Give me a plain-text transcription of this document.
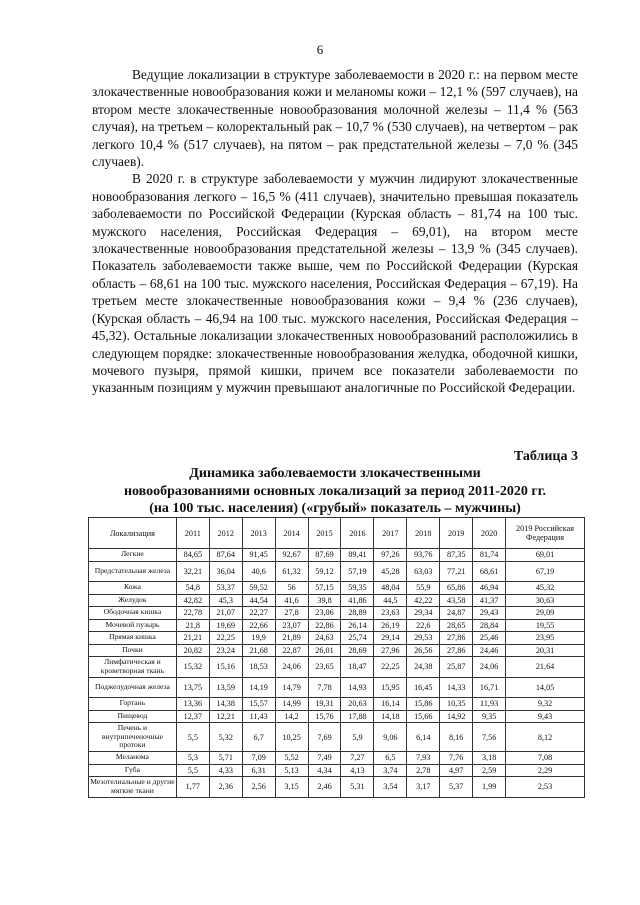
6

Ведущие локализации в структуре заболеваемости в 2020 г.: на первом месте злокачественные новообразования кожи и меланомы кожи – 12,1 % (597 случаев), на втором месте злокачественные новообразования молочной железы – 11,4 % (563 случая), на третьем – колоректальный рак – 10,7 % (530 случаев), на четвертом – рак легкого 10,4 % (517 случаев), на пятом – рак предстательной железы – 7,0 % (345 случаев).

В 2020 г. в структуре заболеваемости у мужчин лидируют злокачественные новообразования легкого – 16,5 % (411 случаев), значительно превышая показатель заболеваемости по Российской Федерации (Курская область – 81,74 на 100 тыс. мужского населения, Российская Федерация – 69,01), на втором месте злокачественные новообразования предстательной железы – 13,9 % (345 случаев). Показатель заболеваемости также выше, чем по Российской Федерации (Курская область – 68,61 на 100 тыс. мужского населения, Российская Федерация – 67,19). На третьем месте злокачественные новообразования кожи – 9,4 % (236 случаев), (Курская область – 46,94 на 100 тыс. мужского населения, Российская Федерация – 45,32). Остальные локализации злокачественных новообразований расположились в следующем порядке: злокачественные новообразования желудка, ободочной кишки, мочевого пузыря, прямой кишки, причем все показатели заболеваемости по указанным позициям у мужчин превышают аналогичные по Российской Федерации.

Таблица 3
Динамика заболеваемости злокачественными
новообразованиями основных локализаций за период 2011-2020 гг.
(на 100 тыс. населения) («грубый» показатель – мужчины)
Локализация	2011	2012	2013	2014	2015	2016	2017	2018	2019	2020	2019 Российская Федерация
Легкие	84,65	87,64	91,45	92,67	87,69	89,41	97,26	93,76	87,35	81,74	69,01
Предстательная железа	32,21	36,04	40,6	61,32	59,12	57,19	45,28	63,03	77,21	68,61	67,19
Кожа	54,8	53,37	59,52	56	57,15	59,35	48,04	55,9	65,86	46,94	45,32
Желудок	42,82	45,3	44,54	41,6	39,8	41,86	44,5	42,22	43,58	41,37	30,63
Ободочная кишка	22,78	21,07	22,27	27,8	23,06	28,89	23,63	29,34	24,87	29,43	29,09
Мочевой пузырь	21,8	19,69	22,66	23,07	22,86	26,14	26,19	22,6	28,65	28,84	19,55
Прямая кишка	21,21	22,25	19,9	21,89	24,63	25,74	29,14	29,53	27,86	25,46	23,95
Почки	20,82	23,24	21,68	22,87	26,01	28,69	27,96	26,56	27,86	24,46	20,31
Лимфатическая и кроветворная ткань	15,32	15,16	18,53	24,06	23,65	18,47	22,25	24,38	25,87	24,06	21,64
Поджелудочная железа	13,75	13,59	14,19	14,79	7,78	14,93	15,95	16,45	14,33	16,71	14,05
Гортань	13,36	14,38	15,57	14,99	19,31	20,63	16,14	15,86	10,35	11,93	9,32
Пищевод	12,37	12,21	11,43	14,2	15,76	17,88	14,18	15,66	14,92	9,35	9,43
Печень и внутрипеченочные протоки	5,5	5,32	6,7	10,25	7,69	5,9	9,06	6,14	8,16	7,56	8,12
Меланома	5,3	5,71	7,09	5,52	7,49	7,27	6,5	7,93	7,76	3,18	7,08
Губа	5,5	4,33	6,31	5,13	4,34	4,13	3,74	2,78	4,97	2,59	2,29
Мезотелиальные и другие мягкие ткани	1,77	2,36	2,56	3,15	2,46	5,31	3,54	3,17	5,37	1,99	2,53
